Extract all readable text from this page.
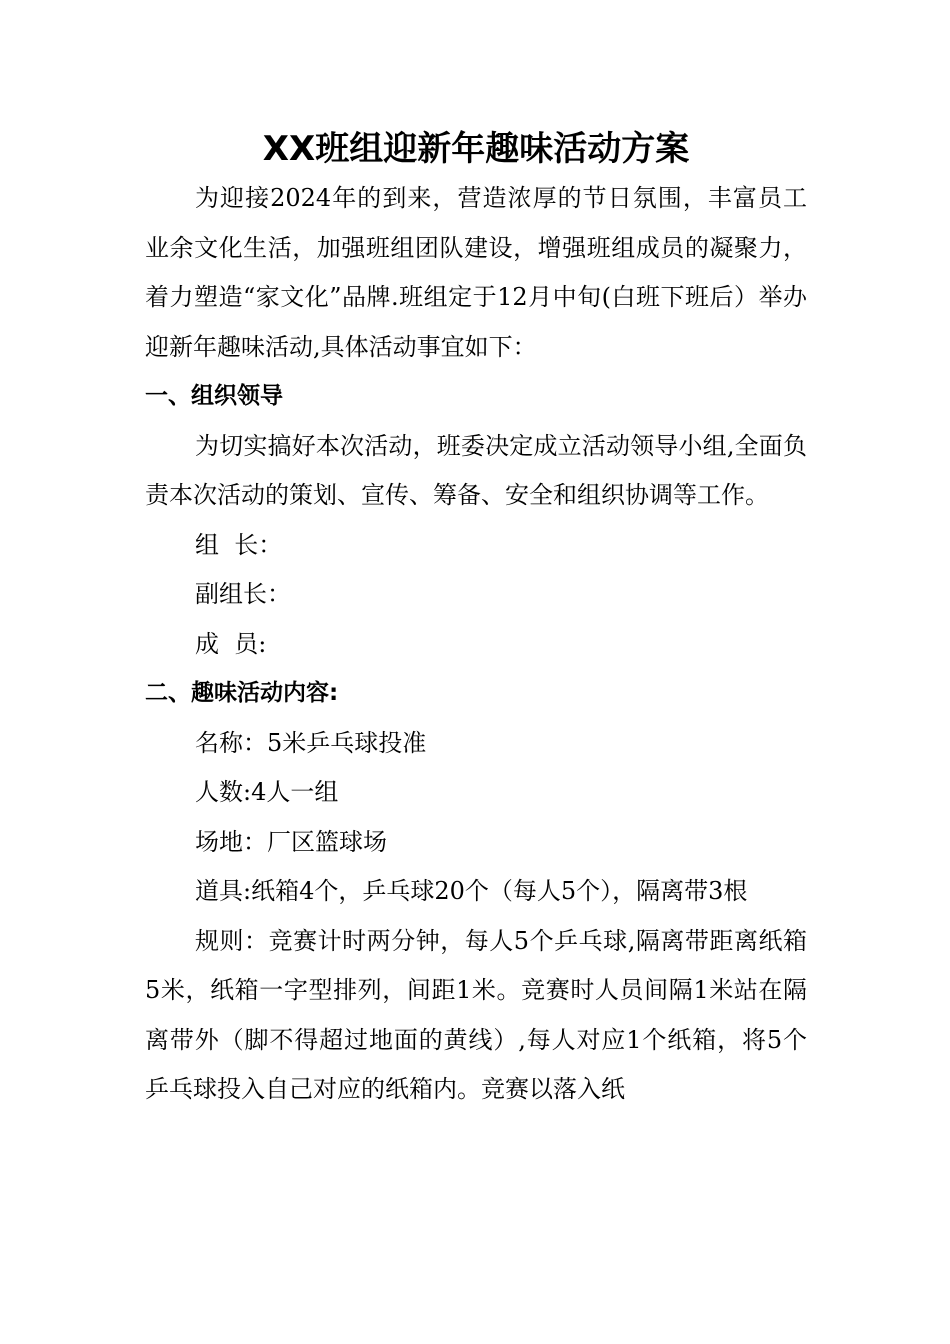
XX班组迎新年趣味活动方案

为迎接2024年的到来，营造浓厚的节日氛围，丰富员工业余文化生活，加强班组团队建设，增强班组成员的凝聚力，着力塑造“家文化”品牌.班组定于12月中旬(白班下班后）举办迎新年趣味活动,具体活动事宜如下：

一、组织领导

为切实搞好本次活动，班委决定成立活动领导小组,全面负责本次活动的策划、宣传、筹备、安全和组织协调等工作。

组  长：

副组长：

成  员:

二、趣味活动内容:

名称：5米乒乓球投准

人数:4人一组

场地：厂区篮球场

道具:纸箱4个，乒乓球20个（每人5个），隔离带3根

规则：竞赛计时两分钟，每人5个乒乓球,隔离带距离纸箱5米，纸箱一字型排列，间距1米。竞赛时人员间隔1米站在隔离带外（脚不得超过地面的黄线）,每人对应1个纸箱，将5个乒乓球投入自己对应的纸箱内。竞赛以落入纸
